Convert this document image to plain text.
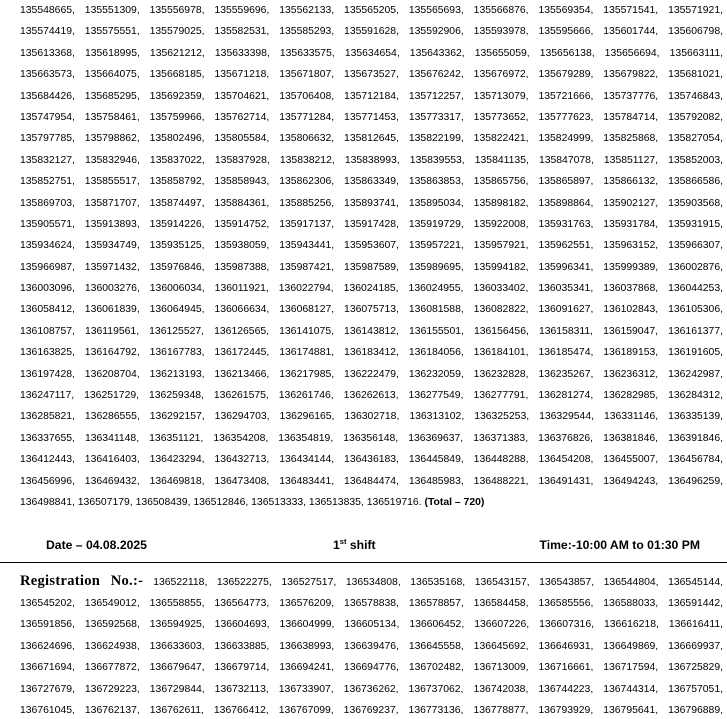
135548665, 135551309, 135556978, 135559696, 135562133, 135565205, 135565693, 135566876, 135569354, 135571541, 135571921,
135574419, 135575551, 135579025, 135582531, 135585293, 135591628, 135592906, 135593978, 135595666, 135601744, 135606798,
135613368, 135618995, 135621212, 135633398, 135633575, 135634654, 135643362, 135655059, 135656138, 135656694, 135663111,
135663573, 135664075, 135668185, 135671218, 135671807, 135673527, 135676242, 135676972, 135679289, 135679822, 135681021,
135684426, 135685295, 135692359, 135704621, 135706408, 135712184, 135712257, 135713079, 135721666, 135737776, 135746843,
135747954, 135758461, 135759966, 135762714, 135771284, 135771453, 135773317, 135773652, 135777623, 135784714, 135792082,
135797785, 135798862, 135802496, 135805584, 135806632, 135812645, 135822199, 135822421, 135824999, 135825868, 135827054,
135832127, 135832946, 135837022, 135837928, 135838212, 135838993, 135839553, 135841135, 135847078, 135851127, 135852003,
135852751, 135855517, 135858792, 135858943, 135862306, 135863349, 135863853, 135865756, 135865897, 135866132, 135866586,
135869703, 135871707, 135874497, 135884361, 135885256, 135893741, 135895034, 135898182, 135898864, 135902127, 135903568,
135905571, 135913893, 135914226, 135914752, 135917137, 135917428, 135919729, 135922008, 135931763, 135931784, 135931915,
135934624, 135934749, 135935125, 135938059, 135943441, 135953607, 135957221, 135957921, 135962551, 135963152, 135966307,
135966987, 135971432, 135976846, 135987388, 135987421, 135987589, 135989695, 135994182, 135996341, 135999389, 136002876,
136003096, 136003276, 136006034, 136011921, 136022794, 136024185, 136024955, 136033402, 136035341, 136037868, 136044253,
136058412, 136061839, 136064945, 136066634, 136068127, 136075713, 136081588, 136082822, 136091627, 136102843, 136105306,
136108757, 136119561, 136125527, 136126565, 136141075, 136143812, 136155501, 136156456, 136158311, 136159047, 136161377,
136163825, 136164792, 136167783, 136172445, 136174881, 136183412, 136184056, 136184101, 136185474, 136189153, 136191605,
136197428, 136208704, 136213193, 136213466, 136217985, 136222479, 136232059, 136232828, 136235267, 136236312, 136242987,
136247117, 136251729, 136259348, 136261575, 136261746, 136262613, 136277549, 136277791, 136281274, 136282985, 136284312,
136285821, 136286555, 136292157, 136294703, 136296165, 136302718, 136313102, 136325253, 136329544, 136331146, 136335139,
136337655, 136341148, 136351121, 136354208, 136354819, 136356148, 136369637, 136371383, 136376826, 136381846, 136391846,
136412443, 136416403, 136423294, 136432713, 136434144, 136436183, 136445849, 136448288, 136454208, 136455007, 136456784,
136456996, 136469432, 136469818, 136473408, 136483441, 136484474, 136485983, 136488221, 136491431, 136494243, 136496259,
136498841, 136507179, 136508439, 136512846, 136513333, 136513835, 136519716. (Total – 720)
Date – 04.08.2025	1st shift	Time:-10:00 AM to 01:30 PM
Registration No.:- 136522118, 136522275, 136527517, 136534808, 136535168, 136543157, 136543857, 136544804, 136545144,
136545202, 136549012, 136558855, 136564773, 136576209, 136578838, 136578857, 136584458, 136585556, 136588033, 136591442,
136591856, 136592568, 136594925, 136604693, 136604999, 136605134, 136606452, 136607226, 136607316, 136616218, 136616411,
136624696, 136624938, 136633603, 136633885, 136638993, 136639476, 136645558, 136645692, 136646931, 136649869, 136669937,
136671694, 136677872, 136679647, 136679714, 136694241, 136694776, 136702482, 136713009, 136716661, 136717594, 136725829,
136727679, 136729223, 136729844, 136732113, 136733907, 136736262, 136737062, 136742038, 136744223, 136744314, 136757051,
136761045, 136762137, 136762611, 136766412, 136767099, 136769237, 136773136, 136778877, 136793929, 136795641, 136796889,
